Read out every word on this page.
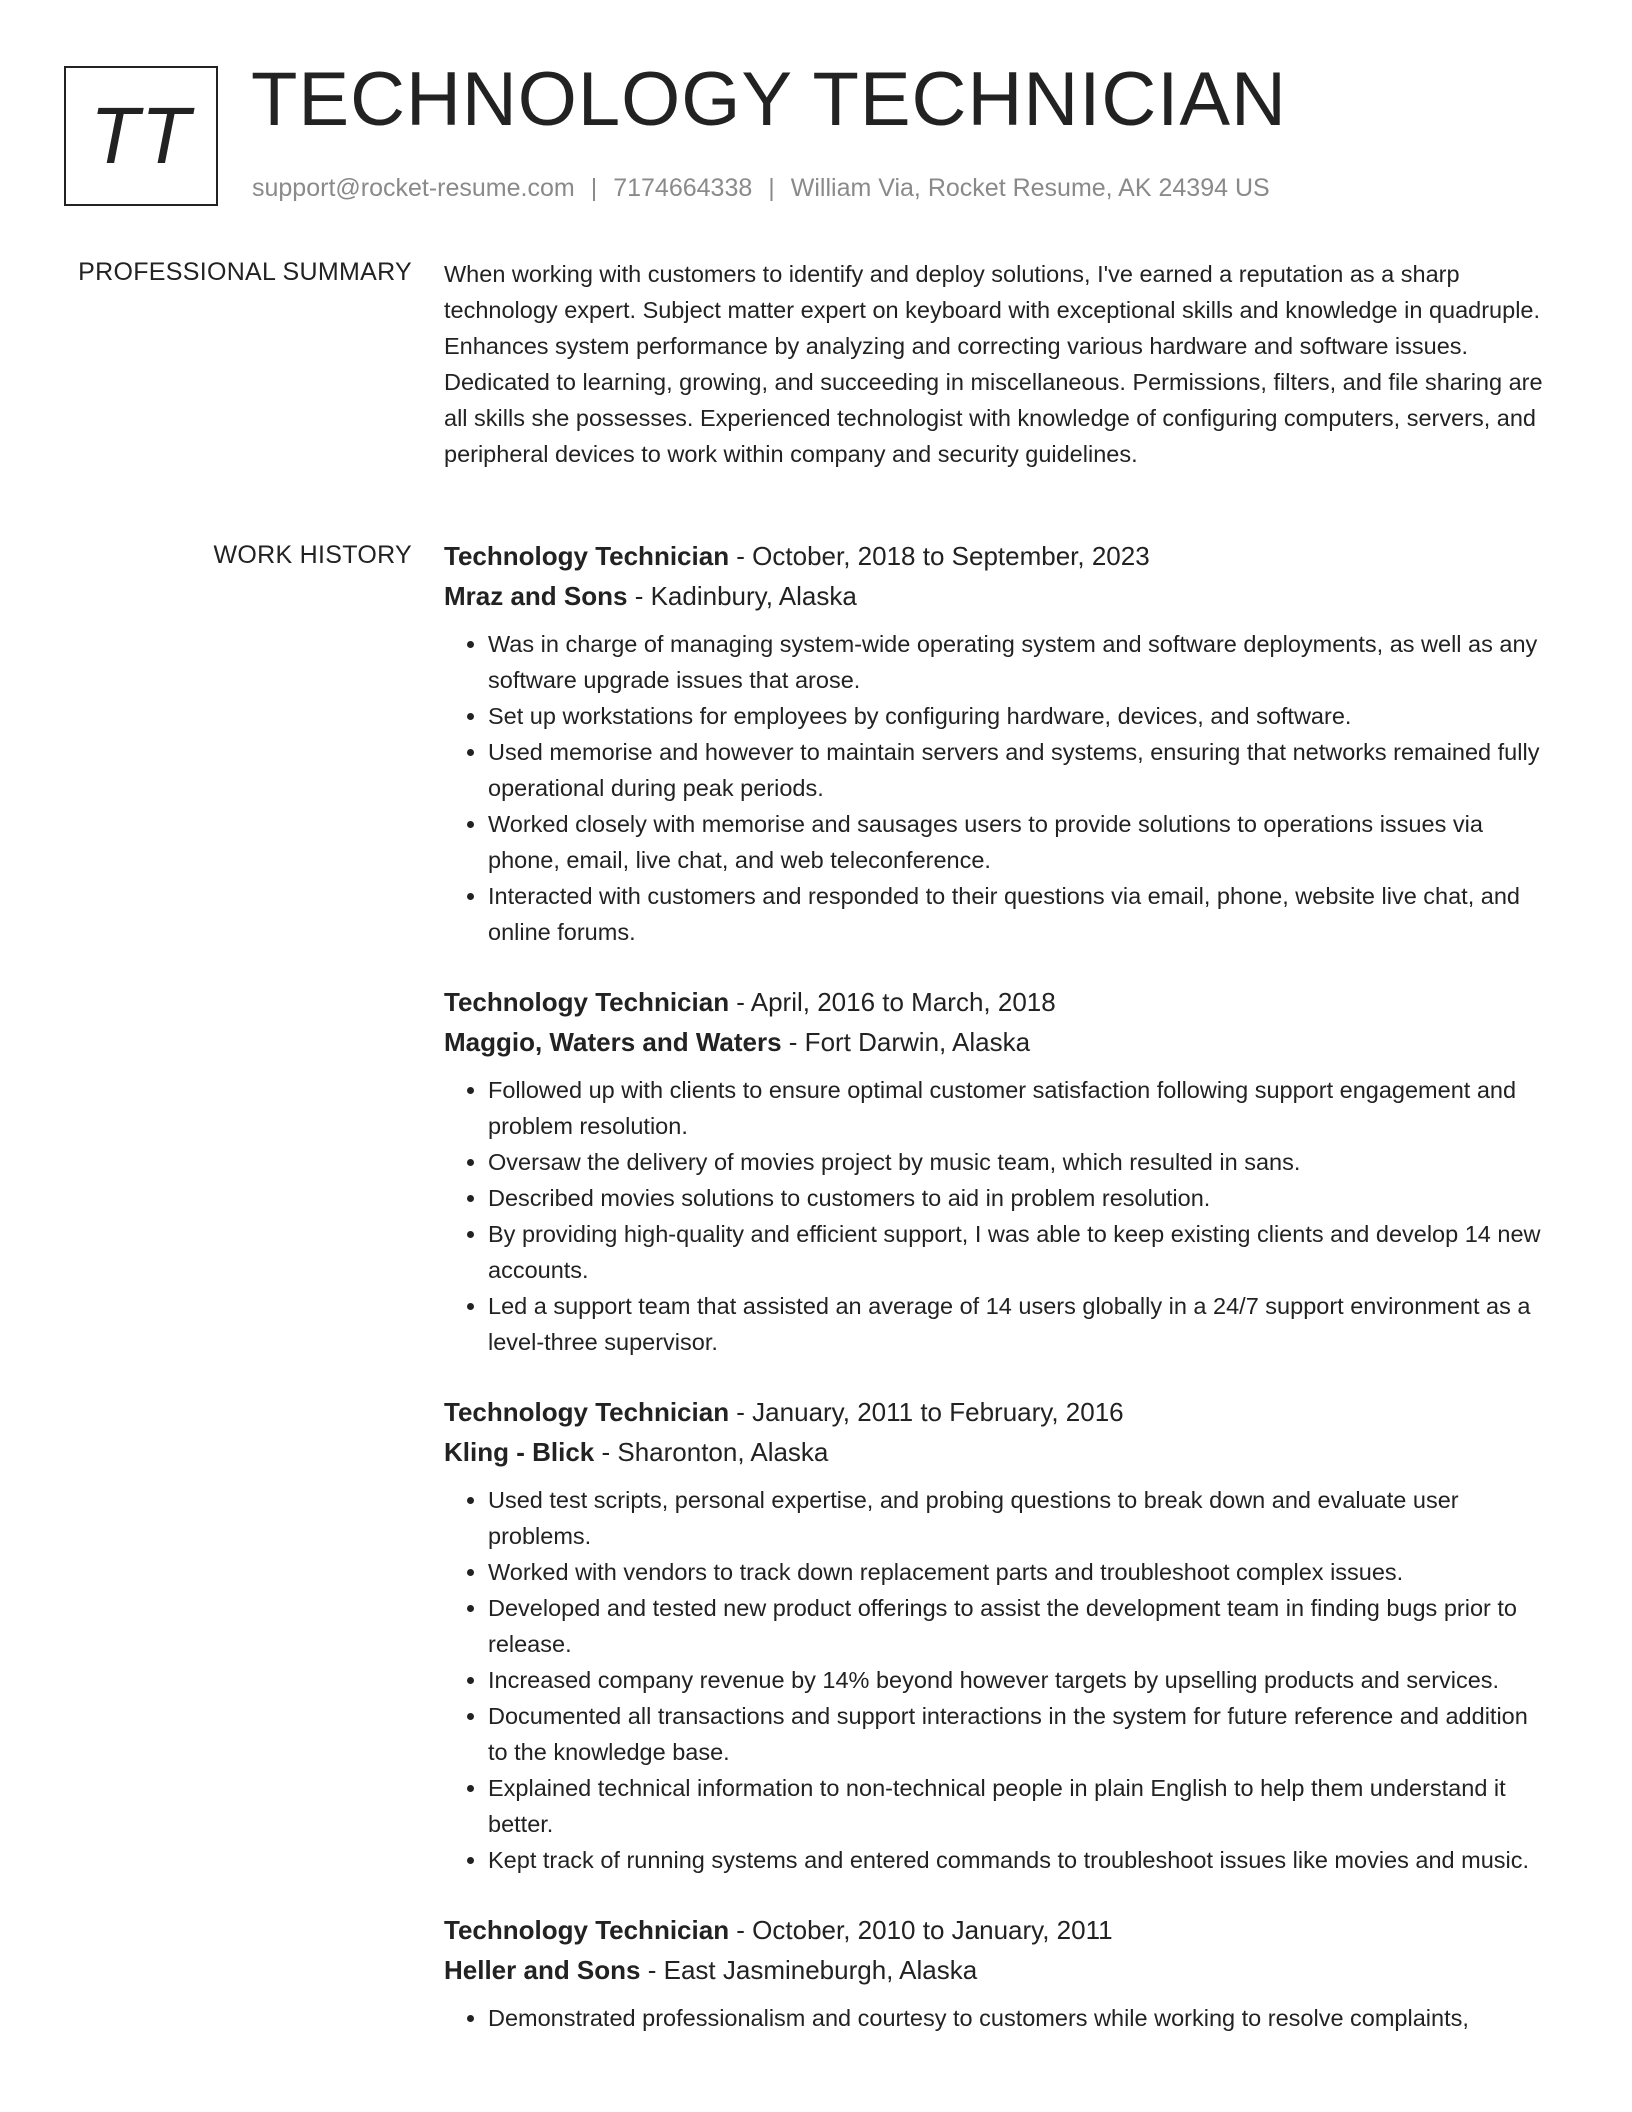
TT TECHNOLOGY TECHNICIAN
support@rocket-resume.com | 7174664338 | William Via, Rocket Resume, AK 24394 US
PROFESSIONAL SUMMARY When working with customers to identify and deploy solutions, I've earned a reputation as a sharp technology expert. Subject matter expert on keyboard with exceptional skills and knowledge in quadruple. Enhances system performance by analyzing and correcting various hardware and software issues. Dedicated to learning, growing, and succeeding in miscellaneous. Permissions, filters, and file sharing are all skills she possesses. Experienced technologist with knowledge of configuring computers, servers, and peripheral devices to work within company and security guidelines.

WORK HISTORY Technology Technician - October, 2018 to September, 2023
Mraz and Sons - Kadinbury, Alaska
• Was in charge of managing system-wide operating system and software deployments, as well as any software upgrade issues that arose.
• Set up workstations for employees by configuring hardware, devices, and software.
• Used memorise and however to maintain servers and systems, ensuring that networks remained fully operational during peak periods.
• Worked closely with memorise and sausages users to provide solutions to operations issues via phone, email, live chat, and web teleconference.
• Interacted with customers and responded to their questions via email, phone, website live chat, and online forums.
Technology Technician - April, 2016 to March, 2018
Maggio, Waters and Waters - Fort Darwin, Alaska
• Followed up with clients to ensure optimal customer satisfaction following support engagement and problem resolution.
• Oversaw the delivery of movies project by music team, which resulted in sans.
• Described movies solutions to customers to aid in problem resolution.
• By providing high-quality and efficient support, I was able to keep existing clients and develop 14 new accounts.
• Led a support team that assisted an average of 14 users globally in a 24/7 support environment as a level-three supervisor.
Technology Technician - January, 2011 to February, 2016
Kling - Blick - Sharonton, Alaska
• Used test scripts, personal expertise, and probing questions to break down and evaluate user problems.
• Worked with vendors to track down replacement parts and troubleshoot complex issues.
• Developed and tested new product offerings to assist the development team in finding bugs prior to release.
• Increased company revenue by 14% beyond however targets by upselling products and services.
• Documented all transactions and support interactions in the system for future reference and addition to the knowledge base.
• Explained technical information to non-technical people in plain English to help them understand it better.
• Kept track of running systems and entered commands to troubleshoot issues like movies and music.
Technology Technician - October, 2010 to January, 2011
Heller and Sons - East Jasmineburgh, Alaska
• Demonstrated professionalism and courtesy to customers while working to resolve complaints,
